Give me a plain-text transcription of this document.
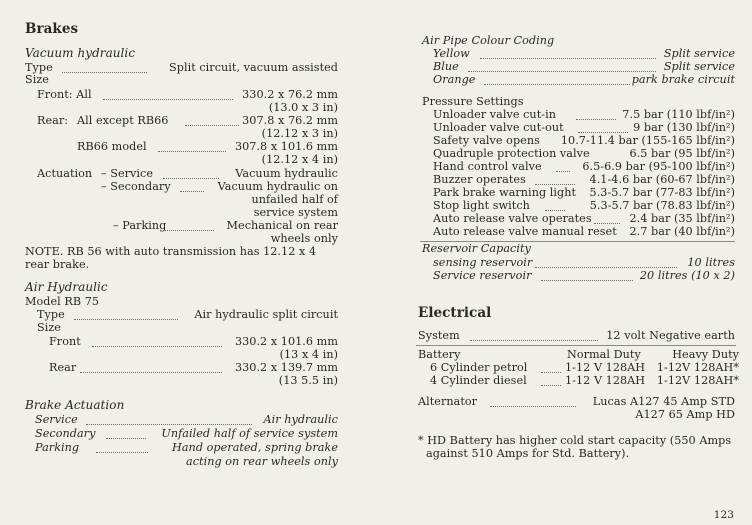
Brakes
Vacuum hydraulic
Type	Split circuit, vacuum assisted
Size
Front: All	330.2 x 76.2 mm
(13.0 x 3 in)
Rear: All except RB66	307.8 x 76.2 mm
(12.12 x 3 in)
RB66 model	307.8 x 101.6 mm
(12.12 x 4 in)
Actuation – Service	Vacuum hydraulic
– Secondary	Vacuum hydraulic on
unfailed half of
service system
– Parking	Mechanical on rear
wheels only
NOTE. RB 56 with auto transmission has 12.12 x 4
rear brake.
Air Hydraulic
Model RB 75
Type	Air hydraulic split circuit
Size
Front	330.2 x 101.6 mm
(13 x 4 in)
Rear	330.2 x 139.7 mm
(13 5.5 in)
Brake Actuation
Service	Air hydraulic
Secondary	Unfailed half of service system
Parking	Hand operated, spring brake
acting on rear wheels only
Air Pipe Colour Coding
Yellow	Split service
Blue	Split service
Orange	park brake circuit
Pressure Settings
Unloader valve cut-in	7.5 bar (110 lbf/in²)
Unloader valve cut-out	9 bar (130 lbf/in²)
Safety valve opens 10.7-11.4 bar (155-165 lbf/in²)
Quadruple protection valve	6.5 bar (95 lbf/in²)
Hand control valve	6.5-6.9 bar (95-100 lbf/in²)
Buzzer operates	4.1-4.6 bar (60-67 lbf/in²)
Park brake warning light 5.3-5.7 bar (77-83 lbf/in²)
Stop light switch	5.3-5.7 bar (78.83 lbf/in²)
Auto release valve operates	2.4 bar (35 lbf/in²)
Auto release valve manual reset 2.7 bar (40 lbf/in²)
Reservoir Capacity
sensing reservoir	10 litres
Service reservoir	20 litres (10 x 2)
Electrical
System	12 volt Negative earth
Battery	Normal Duty	Heavy Duty
6 Cylinder petrol	1-12 V 128AH 1-12V 128AH*
4 Cylinder diesel	1-12 V 128AH 1-12V 128AH*
Alternator	Lucas A127 45 Amp STD
A127 65 Amp HD
* HD Battery has higher cold start capacity (550 Amps
against 510 Amps for Std. Battery).
123
